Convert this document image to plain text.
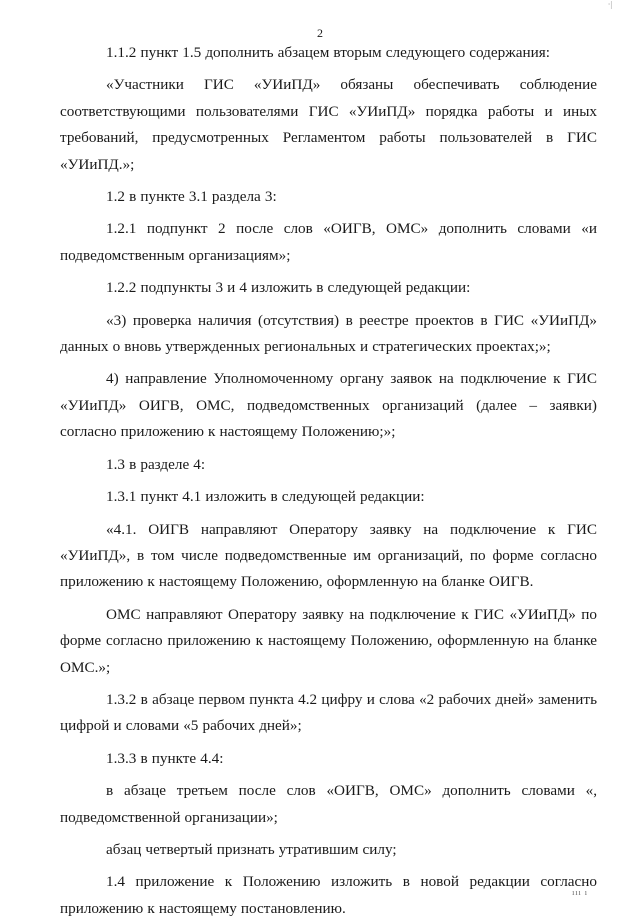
2

1.1.2 пункт 1.5 дополнить абзацем вторым следующего содержания:

«Участники ГИС «УИиПД» обязаны обеспечивать соблюдение соответствующими пользователями ГИС «УИиПД» порядка работы и иных требований, предусмотренных Регламентом работы пользователей в ГИС «УИиПД.»;

1.2 в пункте 3.1 раздела 3:

1.2.1 подпункт 2 после слов «ОИГВ, ОМС» дополнить словами «и подведомственным организациям»;

1.2.2 подпункты 3 и 4 изложить в следующей редакции:

«3) проверка наличия (отсутствия) в реестре проектов в ГИС «УИиПД» данных о вновь утвержденных региональных и стратегических проектах;»;

4) направление Уполномоченному органу заявок на подключение к ГИС «УИиПД» ОИГВ, ОМС, подведомственных организаций (далее – заявки) согласно приложению к настоящему Положению;»;

1.3 в разделе 4:

1.3.1 пункт 4.1 изложить в следующей редакции:

«4.1. ОИГВ направляют Оператору заявку на подключение к ГИС «УИиПД», в том числе подведомственные им организаций, по форме согласно приложению к настоящему Положению, оформленную на бланке ОИГВ.

ОМС направляют Оператору заявку на подключение к ГИС «УИиПД» по форме согласно приложению к настоящему Положению, оформленную на бланке ОМС.»;

1.3.2 в абзаце первом пункта 4.2 цифру и слова «2 рабочих дней» заменить цифрой и словами «5 рабочих дней»;

1.3.3 в пункте 4.4:

в абзаце третьем после слов «ОИГВ, ОМС» дополнить словами «, подведомственной организации»;

абзац четвертый признать утратившим силу;

1.4 приложение к Положению изложить в новой редакции согласно приложению к настоящему постановлению.

ııı ı
·|
